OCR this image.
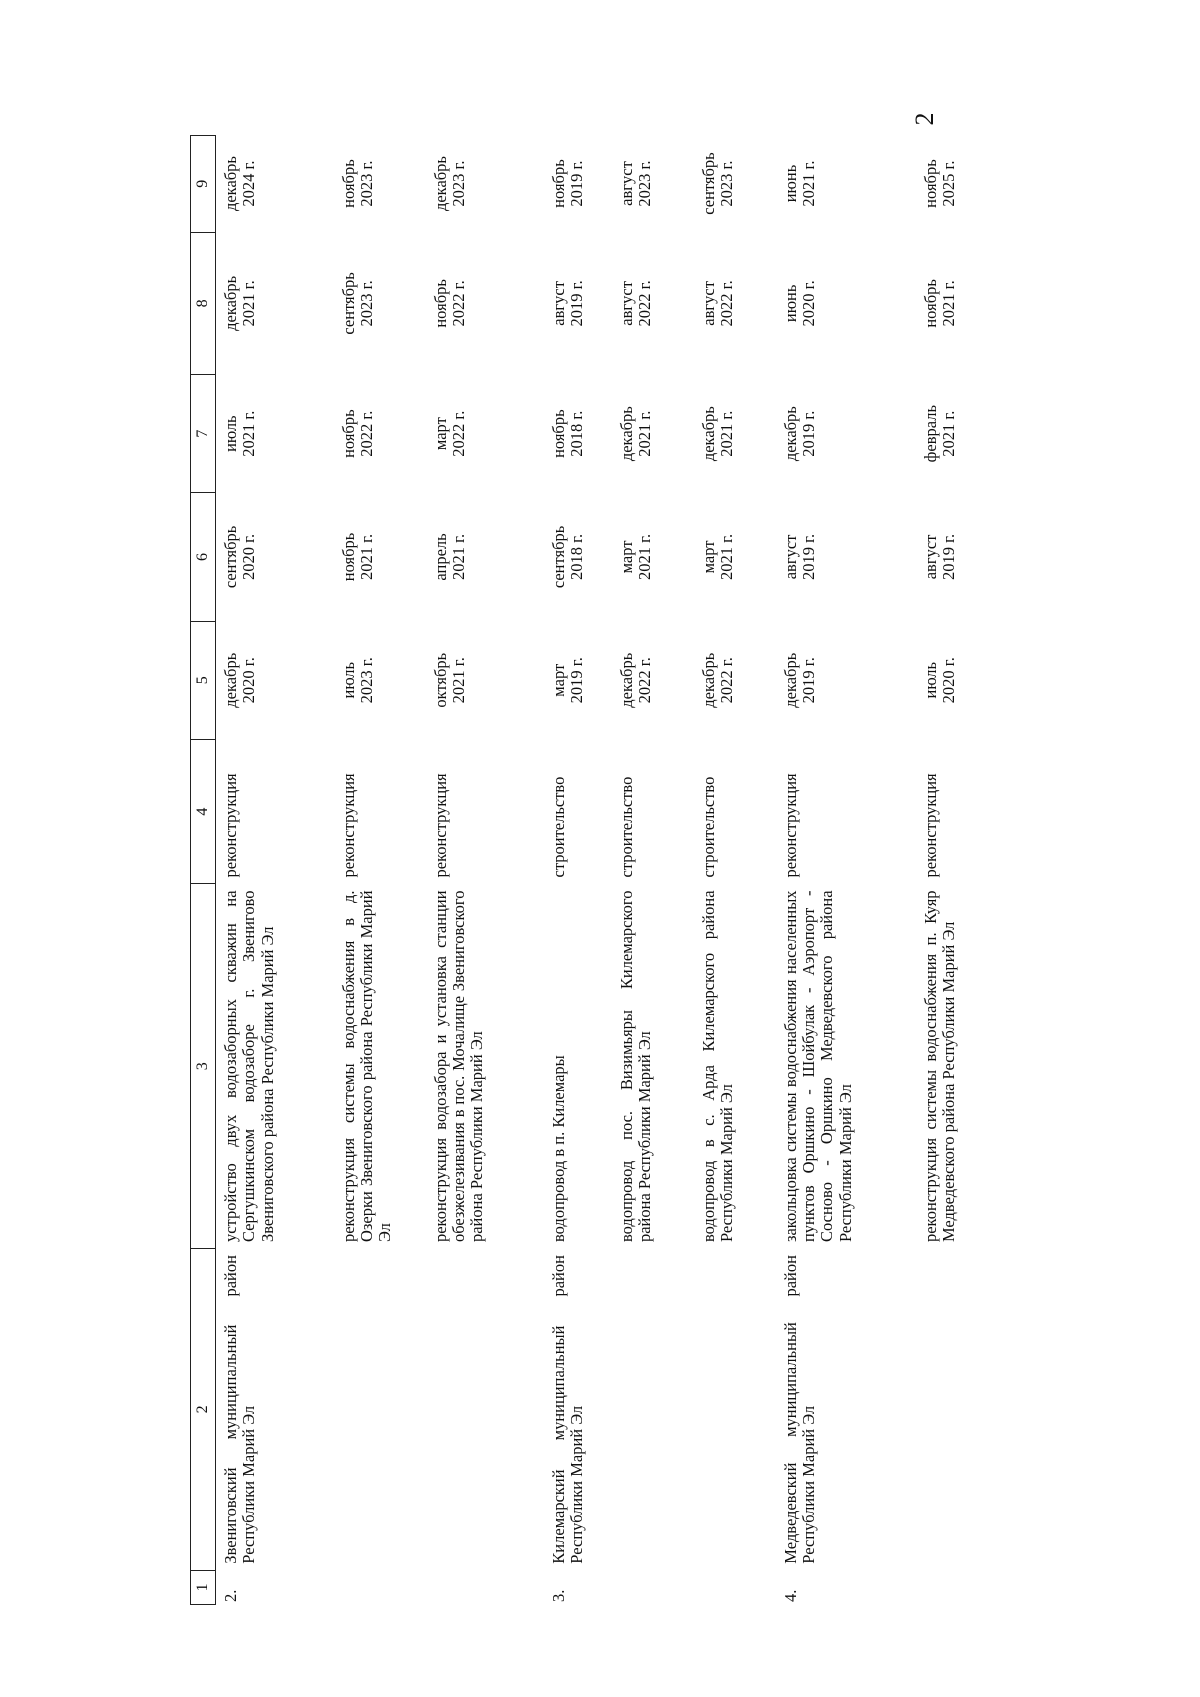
2
1	2	3	4	5	6	7	8	9
2.	Звениговский муниципальный район Республики Марий Эл	устройство двух водозаборных скважин на Сергушкинском водозаборе г. Звенигово Звениговского района Республики Марий Эл	реконструкция	декабрь 2020 г.	сентябрь 2020 г.	июль 2021 г.	декабрь 2021 г.	декабрь 2024 г.

		реконструкция системы водоснабжения в д. Озерки Звениговского района Республики Марий Эл	реконструкция	июль 2023 г.	ноябрь 2021 г.	ноябрь 2022 г.	сентябрь 2023 г.	ноябрь 2023 г.

		реконструкция водозабора и установка станции обезжелезивания в пос. Мочалище Звениговского района Республики Марий Эл	реконструкция	октябрь 2021 г.	апрель 2021 г.	март 2022 г.	ноябрь 2022 г.	декабрь 2023 г.

3.	Килемарский муниципальный район Республики Марий Эл	водопровод в п. Килемары	строительство	март 2019 г.	сентябрь 2018 г.	ноябрь 2018 г.	август 2019 г.	ноябрь 2019 г.

		водопровод пос. Визимьяры Килемарского района Республики Марий Эл	строительство	декабрь 2022 г.	март 2021 г.	декабрь 2021 г.	август 2022 г.	август 2023 г.

		водопровод в с. Арда Килемарского района Республики Марий Эл	строительство	декабрь 2022 г.	март 2021 г.	декабрь 2021 г.	август 2022 г.	сентябрь 2023 г.

4.	Медведевский муниципальный район Республики Марий Эл	закольцовка системы водоснабжения населенных пунктов Оршкино - Шойбулак - Аэропорт - Сосново - Оршкино Медведевского района Республики Марий Эл	реконструкция	декабрь 2019 г.	август 2019 г.	декабрь 2019 г.	июнь 2020 г.	июнь 2021 г.

		реконструкция системы водоснабжения п. Куяр Медведевского района Республики Марий Эл	реконструкция	июль 2020 г.	август 2019 г.	февраль 2021 г.	ноябрь 2021 г.	ноябрь 2025 г.
